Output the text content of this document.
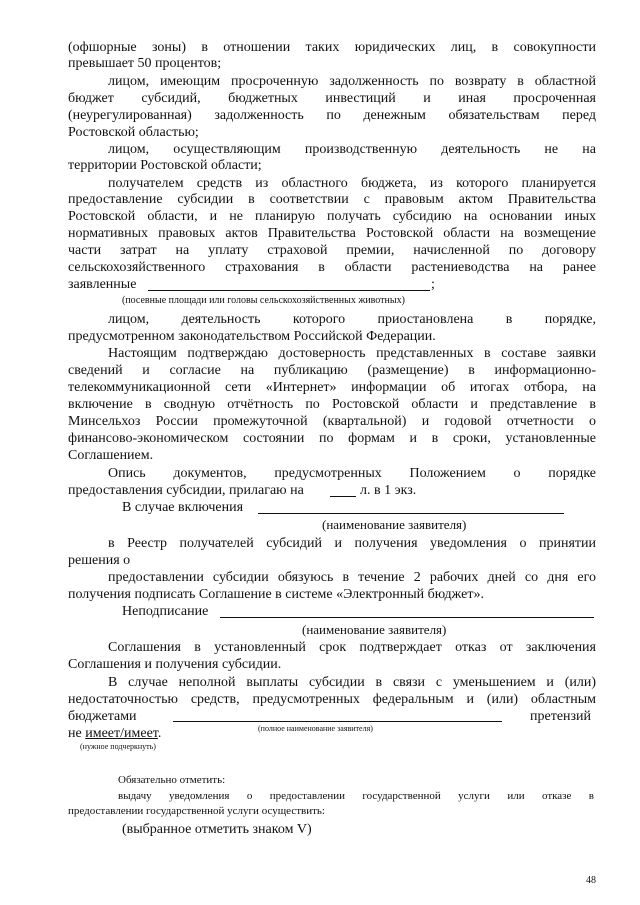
(офшорные зоны) в отношении таких юридических лиц, в совокупности
превышает 50 процентов;
лицом, имеющим просроченную задолженность по возврату в областной
бюджет субсидий, бюджетных инвестиций и иная просроченная
(неурегулированная) задолженность по денежным обязательствам перед
Ростовской областью;
лицом, осуществляющим производственную деятельность не на
территории Ростовской области;
получателем средств из областного бюджета, из которого планируется
предоставление субсидии в соответствии с правовым актом Правительства
Ростовской области, и не планирую получать субсидию на основании иных
нормативных правовых актов Правительства Ростовской области на возмещение
части затрат на уплату страховой премии, начисленной по договору
сельскохозяйственного страхования в области растениеводства на ранее
заявленные	;
(посевные площади или головы сельскохозяйственных животных)
лицом, деятельность которого приостановлена в порядке,
предусмотренном законодательством Российской Федерации.
Настоящим подтверждаю достоверность представленных в составе заявки
сведений и согласие на публикацию (размещение) в информационно-
телекоммуникационной сети «Интернет» информации об итогах отбора, на
включение в сводную отчётность по Ростовской области и представление в
Минсельхоз России промежуточной (квартальной) и годовой отчетности о
финансово-экономическом состоянии по формам и в сроки, установленные
Соглашением.
Опись документов, предусмотренных Положением о порядке
предоставления субсидии, прилагаю на	л. в 1 экз.
В случае включения
(наименование заявителя)
в Реестр получателей субсидий и получения уведомления о принятии
решения о
предоставлении субсидии обязуюсь в течение 2 рабочих дней со дня его
получения подписать Соглашение в системе «Электронный бюджет».
Неподписание
(наименование заявителя)
Соглашения в установленный срок подтверждает отказ от заключения
Соглашения и получения субсидии.
В случае неполной выплаты субсидии в связи с уменьшением и (или)
недостаточностью средств, предусмотренных федеральным и (или) областным
бюджетами	претензий
(полное наименование заявителя)
не имеет/имеет.
(нужное подчеркнуть)
Обязательно отметить:
выдачу уведомления о предоставлении государственной услуги или отказе в
предоставлении государственной услуги осуществить:
(выбранное отметить знаком V)
48
